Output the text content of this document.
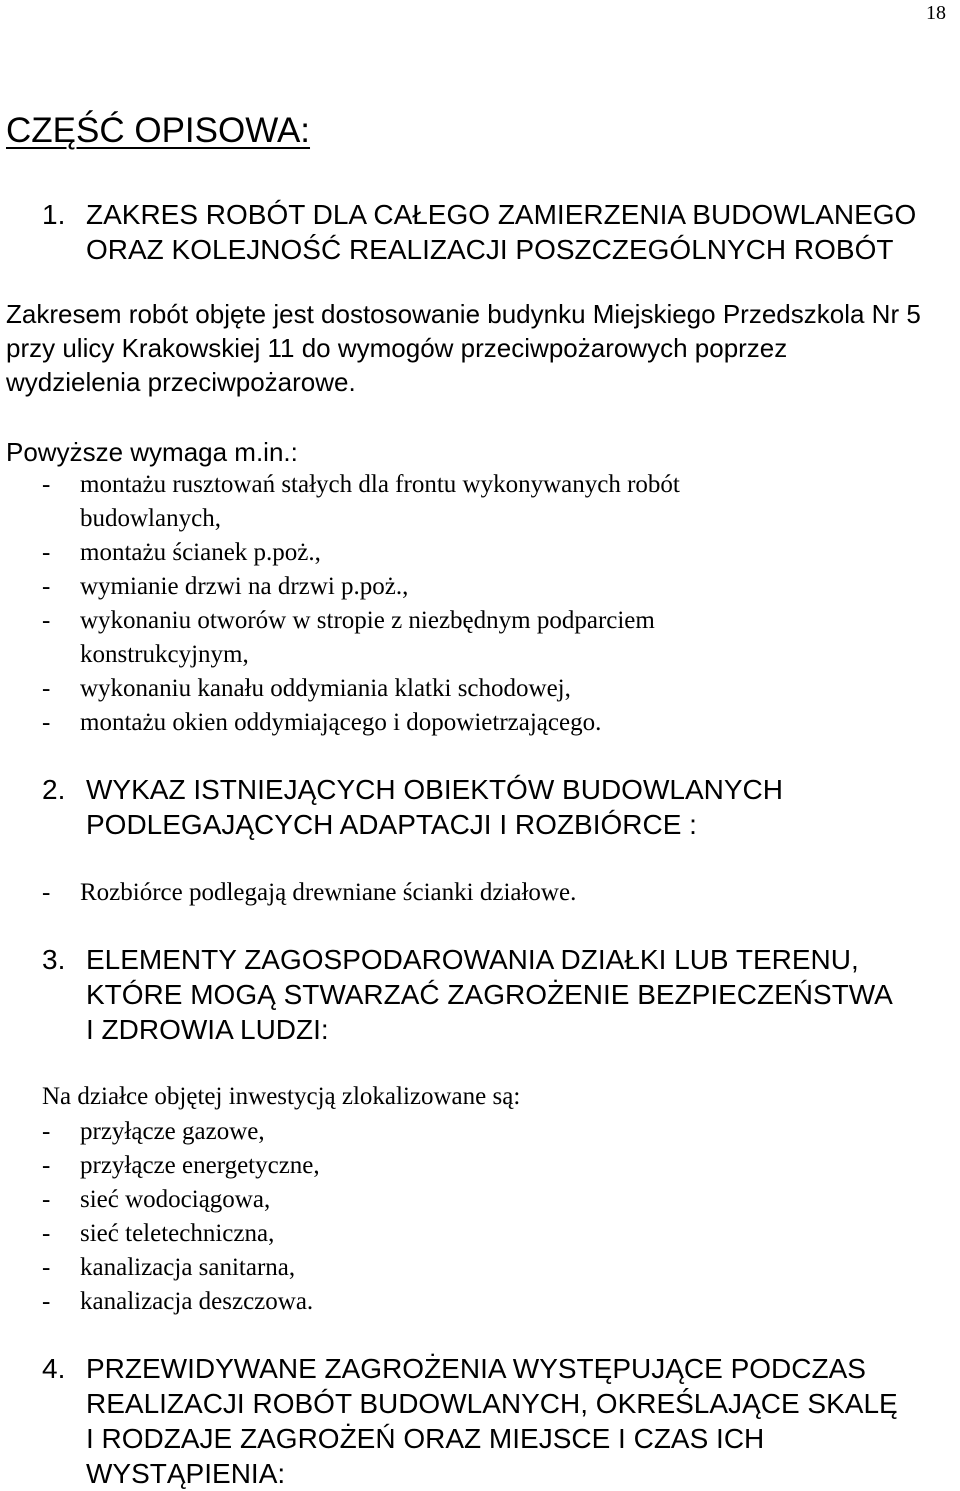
18
CZĘŚĆ OPISOWA:
1. ZAKRES ROBÓT DLA CAŁEGO ZAMIERZENIA BUDOWLANEGO
ORAZ KOLEJNOŚĆ REALIZACJI POSZCZEGÓLNYCH ROBÓT

Zakresem robót objęte jest dostosowanie budynku Miejskiego Przedszkola Nr 5
przy ulicy Krakowskiej 11 do wymogów przeciwpożarowych poprzez
wydzielenia przeciwpożarowe.

Powyższe wymaga m.in.:

- montażu rusztowań stałych dla frontu wykonywanych robót
budowlanych,
- montażu ścianek p.poż.,
- wymianie drzwi na drzwi p.poż.,
- wykonaniu otworów w stropie z niezbędnym podparciem
konstrukcyjnym,
- wykonaniu kanału oddymiania klatki schodowej,
- montażu okien oddymiającego i dopowietrzającego.
2. WYKAZ ISTNIEJĄCYCH OBIEKTÓW BUDOWLANYCH
PODLEGAJĄCYCH ADAPTACJI I ROZBIÓRCE :
- Rozbiórce podlegają drewniane ścianki działowe.
3. ELEMENTY ZAGOSPODAROWANIA DZIAŁKI LUB TERENU,
KTÓRE MOGĄ STWARZAĆ ZAGROŻENIE BEZPIECZEŃSTWA
I ZDROWIA LUDZI:

Na działce objętej inwestycją zlokalizowane są:

- przyłącze gazowe,
- przyłącze energetyczne,
- sieć wodociągowa,
- sieć teletechniczna,
- kanalizacja sanitarna,
- kanalizacja deszczowa.
4. PRZEWIDYWANE ZAGROŻENIA WYSTĘPUJĄCE PODCZAS
REALIZACJI ROBÓT BUDOWLANYCH, OKREŚLAJĄCE SKALĘ
I RODZAJE ZAGROŻEŃ ORAZ MIEJSCE I CZAS ICH
WYSTĄPIENIA:
